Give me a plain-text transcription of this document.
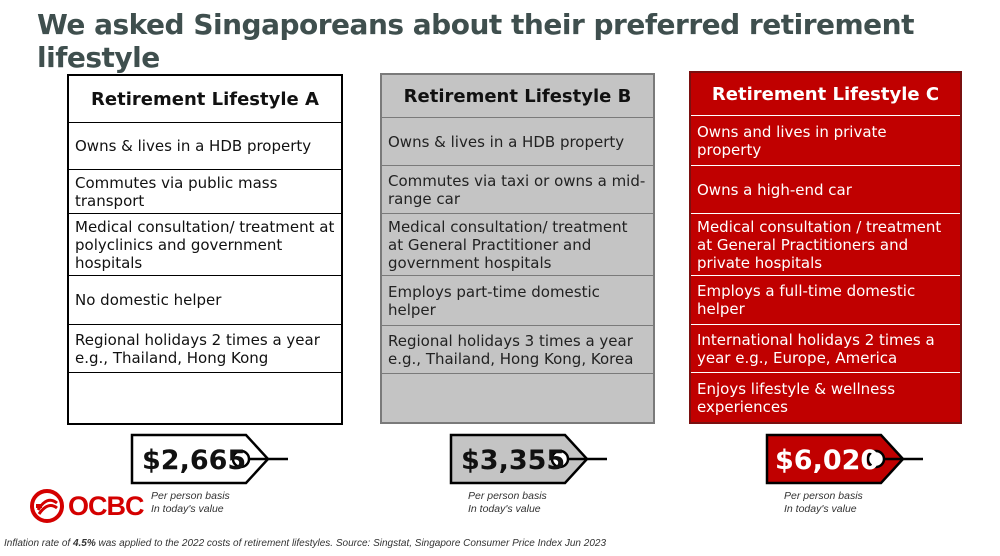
We asked Singaporeans about their preferred retirement lifestyle
Retirement Lifestyle A
Owns & lives in a HDB property
Commutes via public mass transport
Medical consultation/ treatment at polyclinics and government hospitals
No domestic helper
Regional holidays 2 times a year e.g., Thailand, Hong Kong
Retirement Lifestyle B
Owns & lives in a HDB property
Commutes via taxi or owns a mid-range car
Medical consultation/ treatment at General Practitioner and government hospitals
Employs part-time domestic helper
Regional holidays 3 times a year e.g., Thailand, Hong Kong, Korea
Retirement Lifestyle C
Owns and lives in private property
Owns a high-end car
Medical consultation / treatment at General Practitioners and private hospitals
Employs a full-time domestic helper
International holidays 2 times a year e.g., Europe, America
Enjoys lifestyle & wellness experiences
$2,665
Per person basis
In today's value
$3,355
Per person basis
In today's value
$6,020
Per person basis
In today's value
OCBC
Inflation rate of 4.5% was applied to the 2022 costs of retirement lifestyles. Source: Singstat, Singapore Consumer Price Index Jun 2023
